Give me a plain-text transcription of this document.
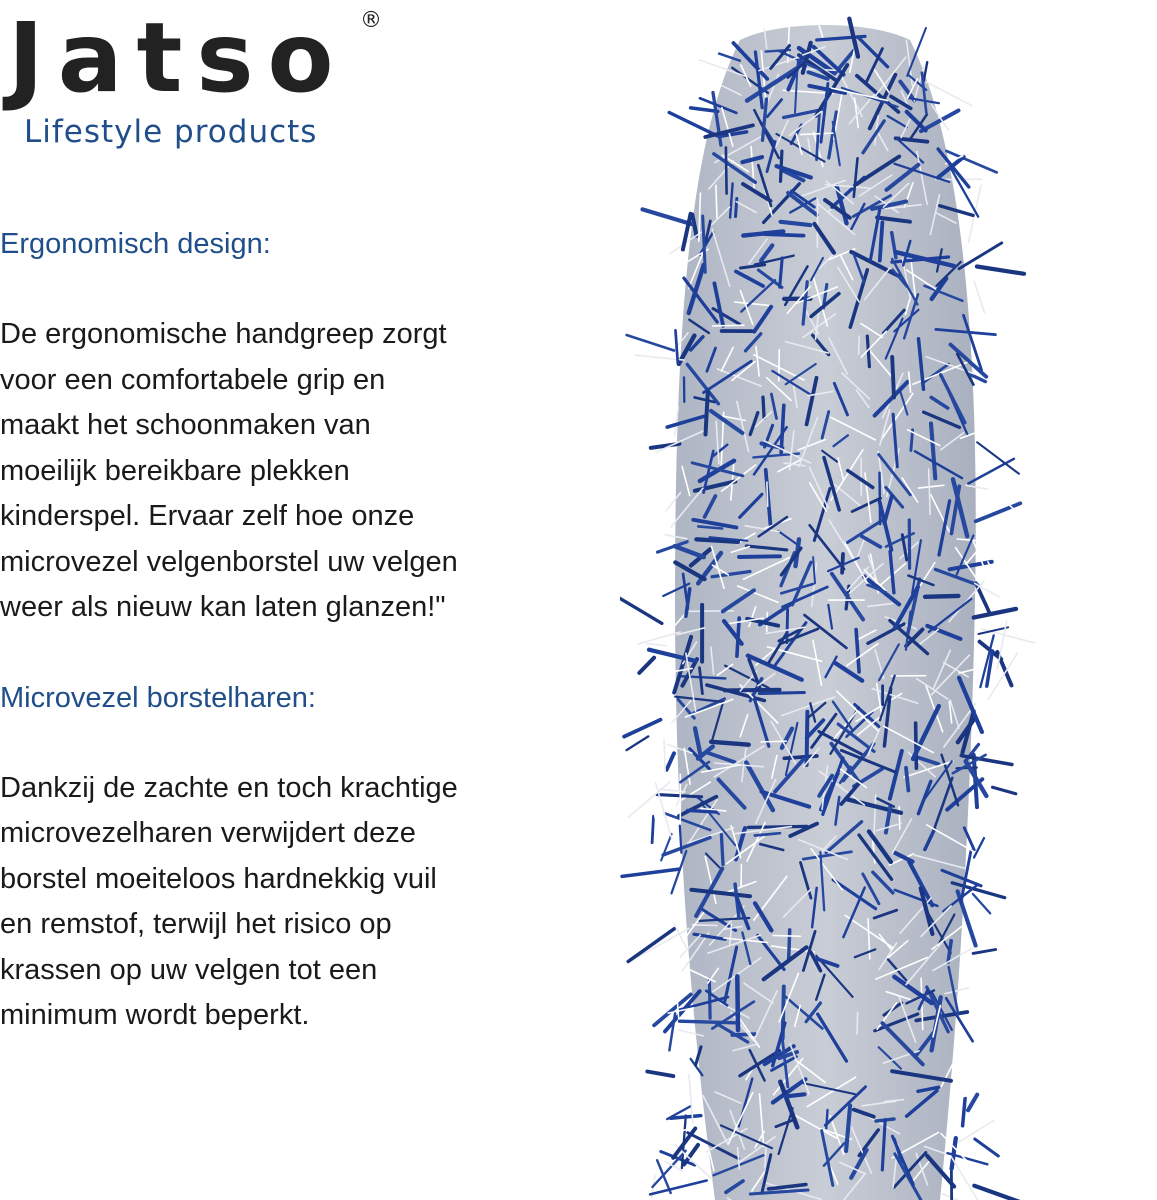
Jatso ®
Lifestyle products
Ergonomisch design:

De ergonomische handgreep zorgt
voor een comfortabele grip en
maakt het schoonmaken van
moeilijk bereikbare plekken
kinderspel. Ervaar zelf hoe onze
microvezel velgenborstel uw velgen
weer als nieuw kan laten glanzen!"

Microvezel borstelharen:

Dankzij de zachte en toch krachtige
microvezelharen verwijdert deze
borstel moeiteloos hardnekkig vuil
en remstof, terwijl het risico op
krassen op uw velgen tot een
minimum wordt beperkt.
